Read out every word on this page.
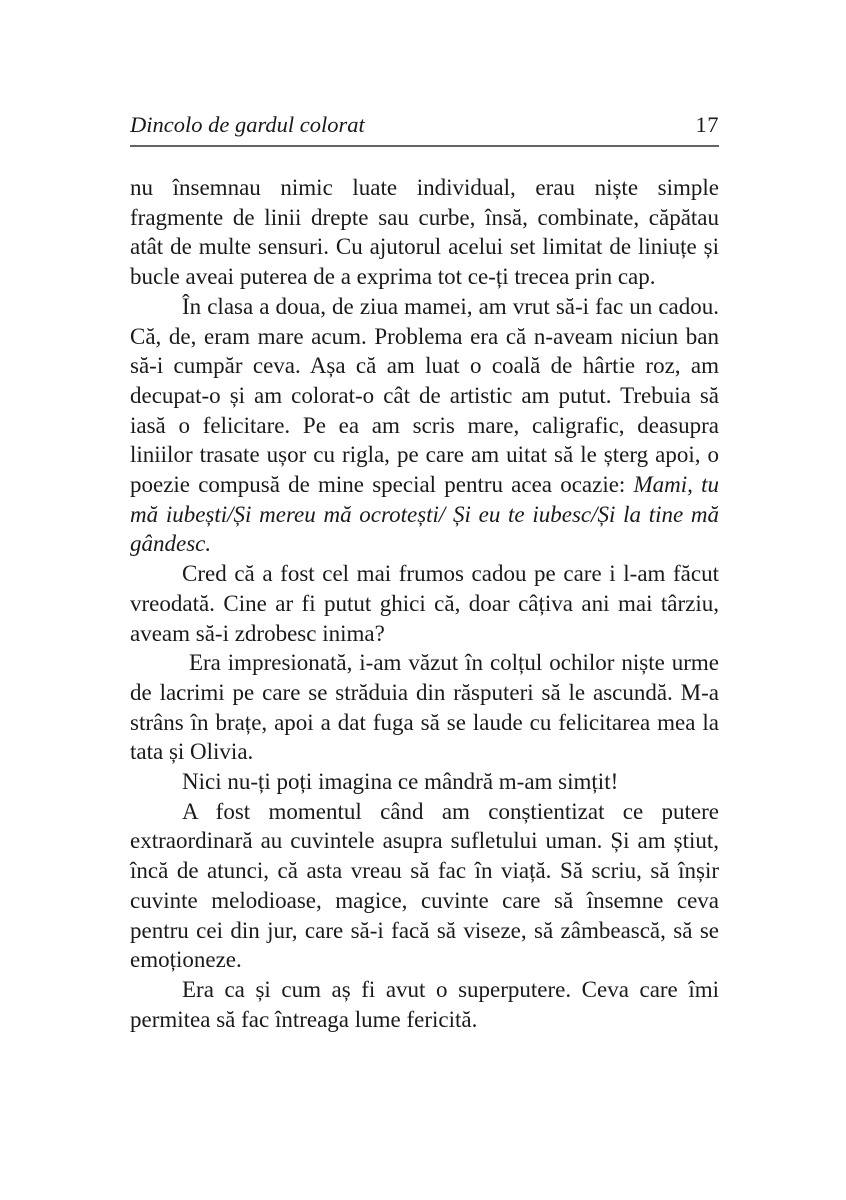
Dincolo de gardul colorat	17

nu însemnau nimic luate individual, erau niște simple fragmente de linii drepte sau curbe, însă, combinate, căpătau atât de multe sensuri. Cu ajutorul acelui set limitat de liniuțe și bucle aveai puterea de a exprima tot ce-ți trecea prin cap.

În clasa a doua, de ziua mamei, am vrut să-i fac un cadou. Că, de, eram mare acum. Problema era că n-aveam niciun ban să-i cumpăr ceva. Așa că am luat o coală de hârtie roz, am decupat-o și am colorat-o cât de artistic am putut. Trebuia să iasă o felicitare. Pe ea am scris mare, caligrafic, deasupra liniilor trasate ușor cu rigla, pe care am uitat să le șterg apoi, o poezie compusă de mine special pentru acea ocazie: Mami, tu mă iubești/Și mereu mă ocrotești/ Și eu te iubesc/Și la tine mă gândesc.

Cred că a fost cel mai frumos cadou pe care i l-am făcut vreodată. Cine ar fi putut ghici că, doar câțiva ani mai târziu, aveam să-i zdrobesc inima?

Era impresionată, i-am văzut în colțul ochilor niște urme de lacrimi pe care se străduia din răsputeri să le ascundă. M-a strâns în brațe, apoi a dat fuga să se laude cu felicitarea mea la tata și Olivia.

Nici nu-ți poți imagina ce mândră m-am simțit!

A fost momentul când am conștientizat ce putere extraordinară au cuvintele asupra sufletului uman. Și am știut, încă de atunci, că asta vreau să fac în viață. Să scriu, să înșir cuvinte melodioase, magice, cuvinte care să însemne ceva pentru cei din jur, care să-i facă să viseze, să zâmbească, să se emoționeze.

Era ca și cum aș fi avut o superputere. Ceva care îmi permitea să fac întreaga lume fericită.
